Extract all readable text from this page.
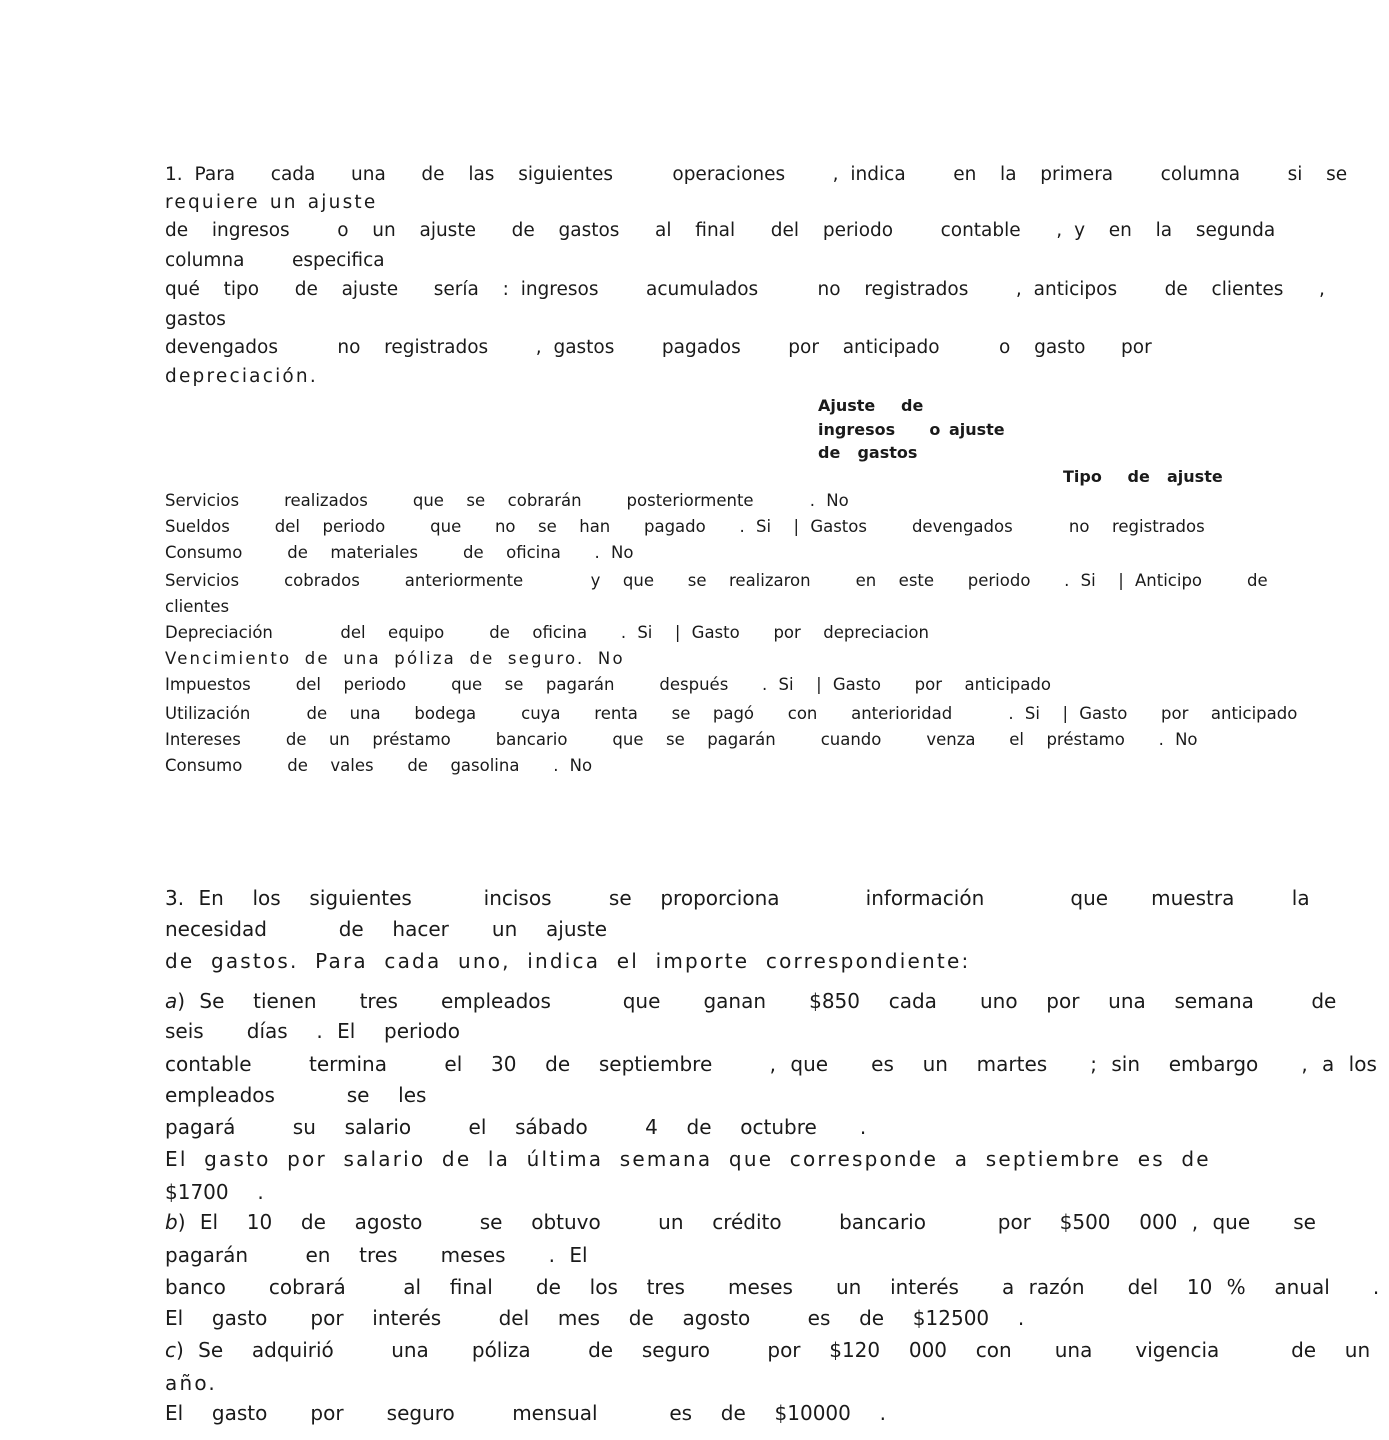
1. Para   cada   una   de  las  siguientes     operaciones    , indica    en  la  primera    columna    si  se
requiere un ajuste
de  ingresos    o  un  ajuste   de  gastos   al  final   del  periodo    contable   , y  en  la  segunda
columna    especifica
qué  tipo   de  ajuste   sería  : ingresos    acumulados     no  registrados    , anticipos    de  clientes   ,
gastos
devengados     no  registrados    , gastos    pagados    por  anticipado     o  gasto   por
depreciación.
Ajuste   de
ingresos    o ajuste
de  gastos
Tipo   de  ajuste
Servicios    realizados    que  se  cobrarán    posteriormente     . No
Sueldos    del  periodo    que   no  se  han   pagado   . Si  | Gastos    devengados     no  registrados
Consumo    de  materiales    de  oficina   . No
Servicios    cobrados    anteriormente      y  que   se  realizaron    en  este   periodo   . Si  | Anticipo    de
clientes
Depreciación      del  equipo    de  oficina   . Si  | Gasto   por  depreciacion
Vencimiento de una póliza de seguro. No
Impuestos    del  periodo    que  se  pagarán    después   . Si  | Gasto   por  anticipado
Utilización     de  una   bodega    cuya   renta   se  pagó   con   anterioridad     . Si  | Gasto   por  anticipado
Intereses    de  un  préstamo    bancario    que  se  pagarán    cuando    venza   el  préstamo   . No
Consumo    de  vales   de  gasolina   . No
3. En  los  siguientes     incisos    se  proporciona      información      que   muestra    la
necesidad     de  hacer   un  ajuste
de gastos. Para cada uno, indica el importe correspondiente:
a) Se  tienen   tres   empleados     que   ganan   $850  cada   uno  por  una  semana    de
seis   días  . El  periodo
contable    termina    el  30  de  septiembre    , que   es  un  martes   ; sin  embargo   , a los
empleados     se  les
pagará    su  salario    el  sábado    4  de  octubre   .
El gasto por salario de la última semana que corresponde a septiembre es de
$1700  .
b) El  10  de  agosto    se  obtuvo    un  crédito    bancario     por  $500  000 , que   se
pagarán    en  tres   meses   . El
banco   cobrará    al  final   de  los  tres   meses   un  interés   a razón   del  10 %  anual   .
El  gasto   por  interés    del  mes  de  agosto    es  de  $12500  .
c) Se  adquirió    una   póliza    de  seguro    por  $120  000  con   una   vigencia     de  un
año.
El  gasto   por   seguro    mensual     es  de  $10000  .
